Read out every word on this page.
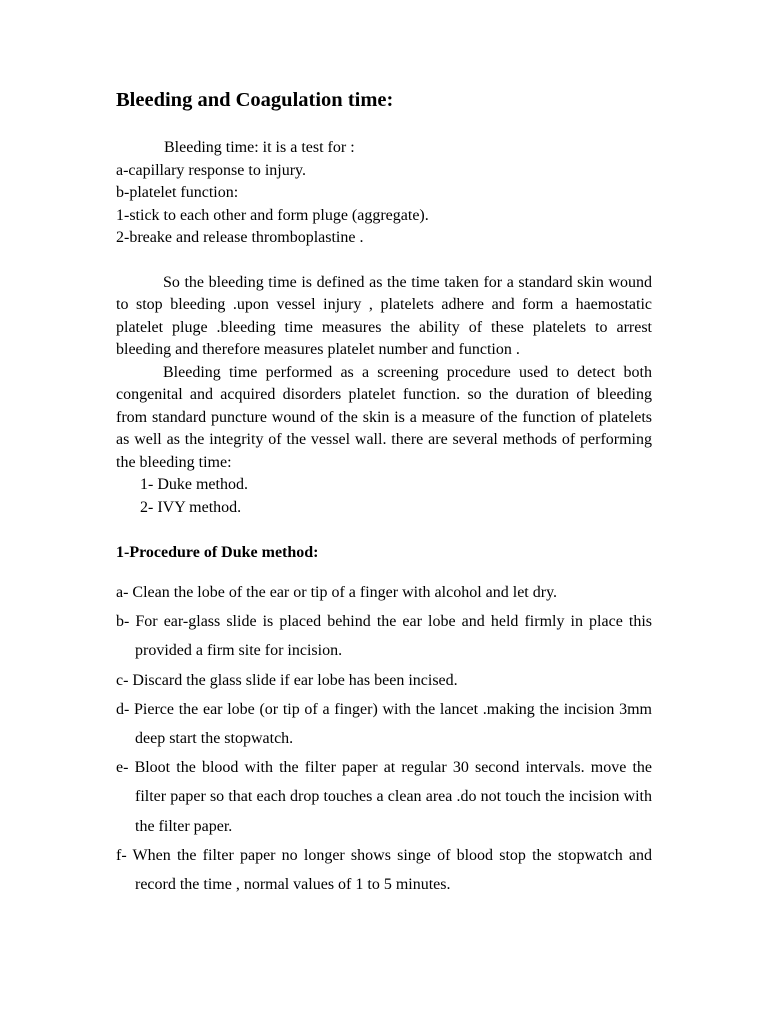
Bleeding and Coagulation time:
Bleeding time: it is a test for :
a-capillary response to injury.
b-platelet function:
1-stick to each other and form pluge (aggregate).
2-breake and release thromboplastine .
So the bleeding time is defined as the time taken for a standard skin wound to stop bleeding .upon vessel injury , platelets adhere and form a haemostatic platelet pluge .bleeding time measures the ability of these platelets to arrest bleeding and therefore measures platelet number and function .
Bleeding time performed as a screening procedure used to detect both congenital and acquired disorders platelet function. so the duration of bleeding from standard puncture wound of the skin is a measure of the function of platelets as well as the integrity of the vessel wall. there are several methods of performing the bleeding time:
1- Duke method.
2- IVY method.
1-Procedure of Duke method:
a- Clean the lobe of the ear or tip of a finger with alcohol and let dry.
b- For ear-glass slide is placed behind the ear lobe and held firmly in place this provided a firm site for incision.
c- Discard the glass slide if ear lobe has been incised.
d- Pierce the ear lobe (or tip of a finger) with the lancet .making the incision 3mm deep start the stopwatch.
e- Bloot the blood with the filter paper at regular 30 second intervals. move the filter paper so that each drop touches a clean area .do not touch the incision with the filter paper.
f- When the filter paper no longer shows singe of blood stop the stopwatch and record the time , normal values of 1 to 5 minutes.
